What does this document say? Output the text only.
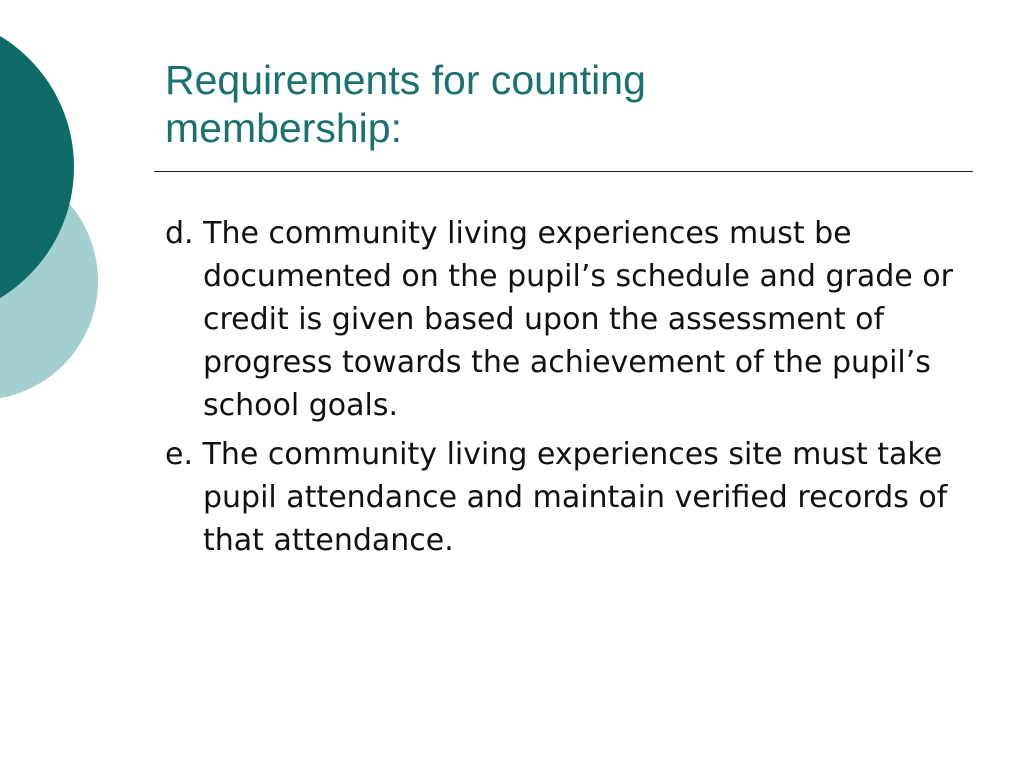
Requirements for counting
membership:
d. The community living experiences must be documented on the pupil’s schedule and grade or credit is given based upon the assessment of progress towards the achievement of the pupil’s school goals.
e. The community living experiences site must take pupil attendance and maintain verified records of that attendance.
